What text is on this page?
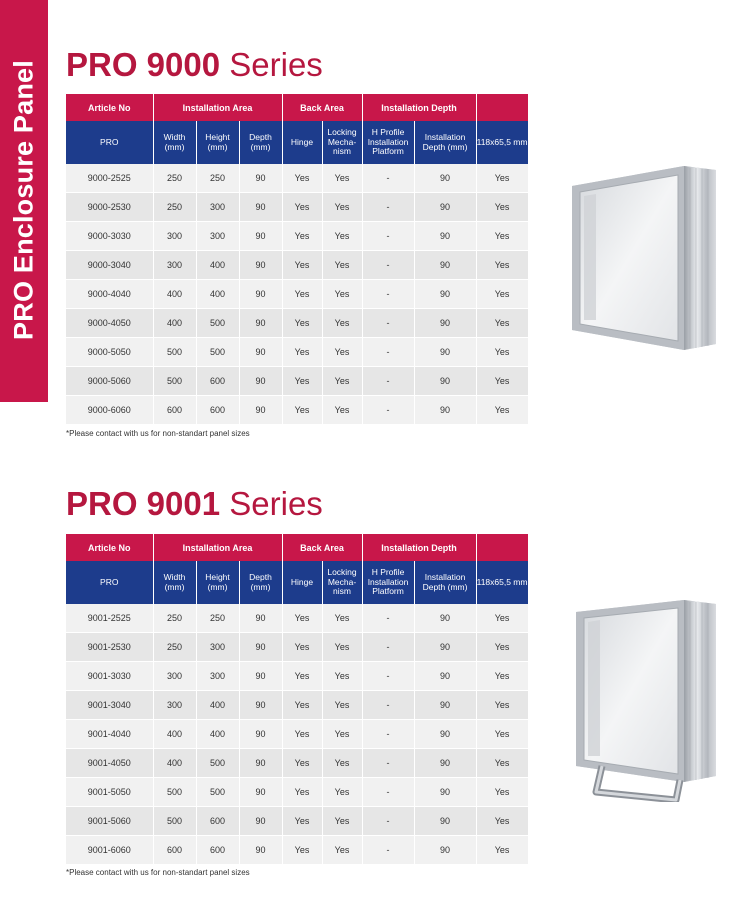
PRO Enclosure Panel PRO 9000 Series
Article No	Installation Area			Back Area		Installation Depth		
PRO	Width (mm)	Height (mm)	Depth (mm)	Hinge	Locking Mecha-nism	H Profile Installation Platform	Installation Depth (mm)	118x65,5 mm
9000-2525	250	250	90	Yes	Yes	-	90	Yes
9000-2530	250	300	90	Yes	Yes	-	90	Yes
9000-3030	300	300	90	Yes	Yes	-	90	Yes
9000-3040	300	400	90	Yes	Yes	-	90	Yes
9000-4040	400	400	90	Yes	Yes	-	90	Yes
9000-4050	400	500	90	Yes	Yes	-	90	Yes
9000-5050	500	500	90	Yes	Yes	-	90	Yes
9000-5060	500	600	90	Yes	Yes	-	90	Yes
9000-6060	600	600	90	Yes	Yes	-	90	Yes
*Please contact with us for non-standart panel sizes
PRO 9001 Series
Article No	Installation Area			Back Area		Installation Depth		
PRO	Width (mm)	Height (mm)	Depth (mm)	Hinge	Locking Mecha-nism	H Profile Installation Platform	Installation Depth (mm)	118x65,5 mm
9001-2525	250	250	90	Yes	Yes	-	90	Yes
9001-2530	250	300	90	Yes	Yes	-	90	Yes
9001-3030	300	300	90	Yes	Yes	-	90	Yes
9001-3040	300	400	90	Yes	Yes	-	90	Yes
9001-4040	400	400	90	Yes	Yes	-	90	Yes
9001-4050	400	500	90	Yes	Yes	-	90	Yes
9001-5050	500	500	90	Yes	Yes	-	90	Yes
9001-5060	500	600	90	Yes	Yes	-	90	Yes
9001-6060	600	600	90	Yes	Yes	-	90	Yes
*Please contact with us for non-standart panel sizes
